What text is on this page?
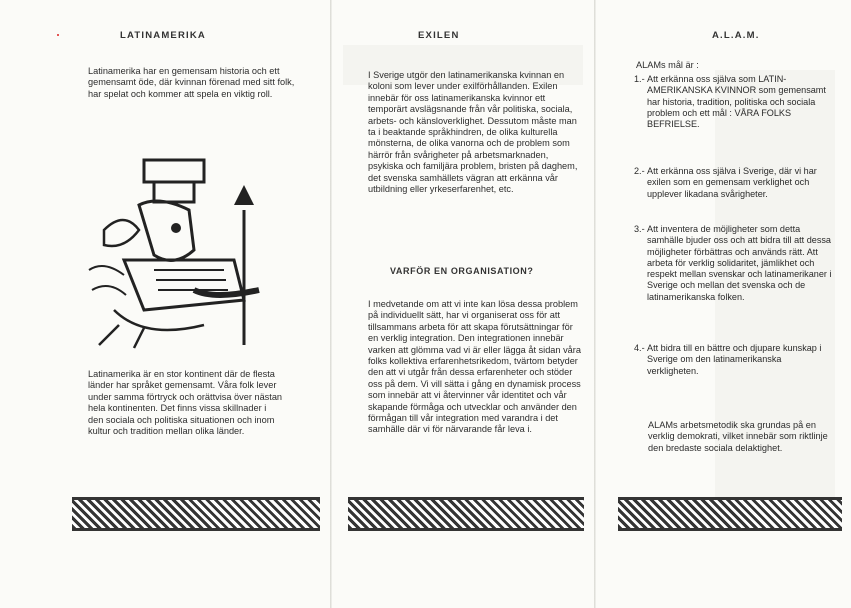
LATINAMERIKA

Latinamerika har en gemensam historia och ett gemensamt öde, där kvinnan förenad med sitt folk, har spelat och kommer att spela en viktig roll.

Latinamerika är en stor kontinent där de flesta länder har språket gemensamt. Våra folk lever under samma förtryck och orättvisa över nästan hela kontinenten. Det finns vissa skillnader i den sociala och politiska situationen och inom kultur och tradition mellan olika länder.

EXILEN

I Sverige utgör den latinamerikanska kvinnan en koloni som lever under exilförhållanden. Exilen innebär för oss latinamerikanska kvinnor ett temporärt avslägsnande från vår politiska, sociala, arbets- och känsloverklighet. Dessutom måste man ta i beaktande språkhindren, de olika kulturella mönsterna, de olika vanorna och de problem som härrör från svårigheter på arbetsmarknaden, psykiska och familjära problem, bristen på daghem, det svenska samhällets vägran att erkänna vår utbildning eller yrkeserfarenhet, etc.

VARFÖR EN ORGANISATION?

I medvetande om att vi inte kan lösa dessa problem på individuellt sätt, har vi organiserat oss för att tillsammans arbeta för att skapa förutsättningar för en verklig integration. Den integrationen innebär varken att glömma vad vi är eller lägga åt sidan våra folks kollektiva erfarenhetsrikedom, tvärtom betyder den att vi utgår från dessa erfarenheter och stöder oss på dem. Vi vill sätta i gång en dynamisk process som innebär att vi återvinner vår identitet och vår skapande förmåga och utvecklar och använder den förmågan till vår integration med varandra i det samhälle där vi för närvarande får leva i.

A.L.A.M.
ALAMs mål är :
1.- Att erkänna oss själva som LATIN-AMERIKANSKA KVINNOR som gemensamt har historia, tradition, politiska och sociala problem och ett mål : VÅRA FOLKS BEFRIELSE.
2.- Att erkänna oss själva i Sverige, där vi har exilen som en gemensam verklighet och upplever likadana svårigheter.
3.- Att inventera de möjligheter som detta samhälle bjuder oss och att bidra till att dessa möjligheter förbättras och används rätt. Att arbeta för verklig solidaritet, jämlikhet och respekt mellan svenskar och latinamerikaner i Sverige och mellan det svenska och de latinamerikanska folken.
4.- Att bidra till en bättre och djupare kunskap i Sverige om den latinamerikanska verkligheten.

ALAMs arbetsmetodik ska grundas på en verklig demokrati, vilket innebär som riktlinje den bredaste sociala delaktighet.
